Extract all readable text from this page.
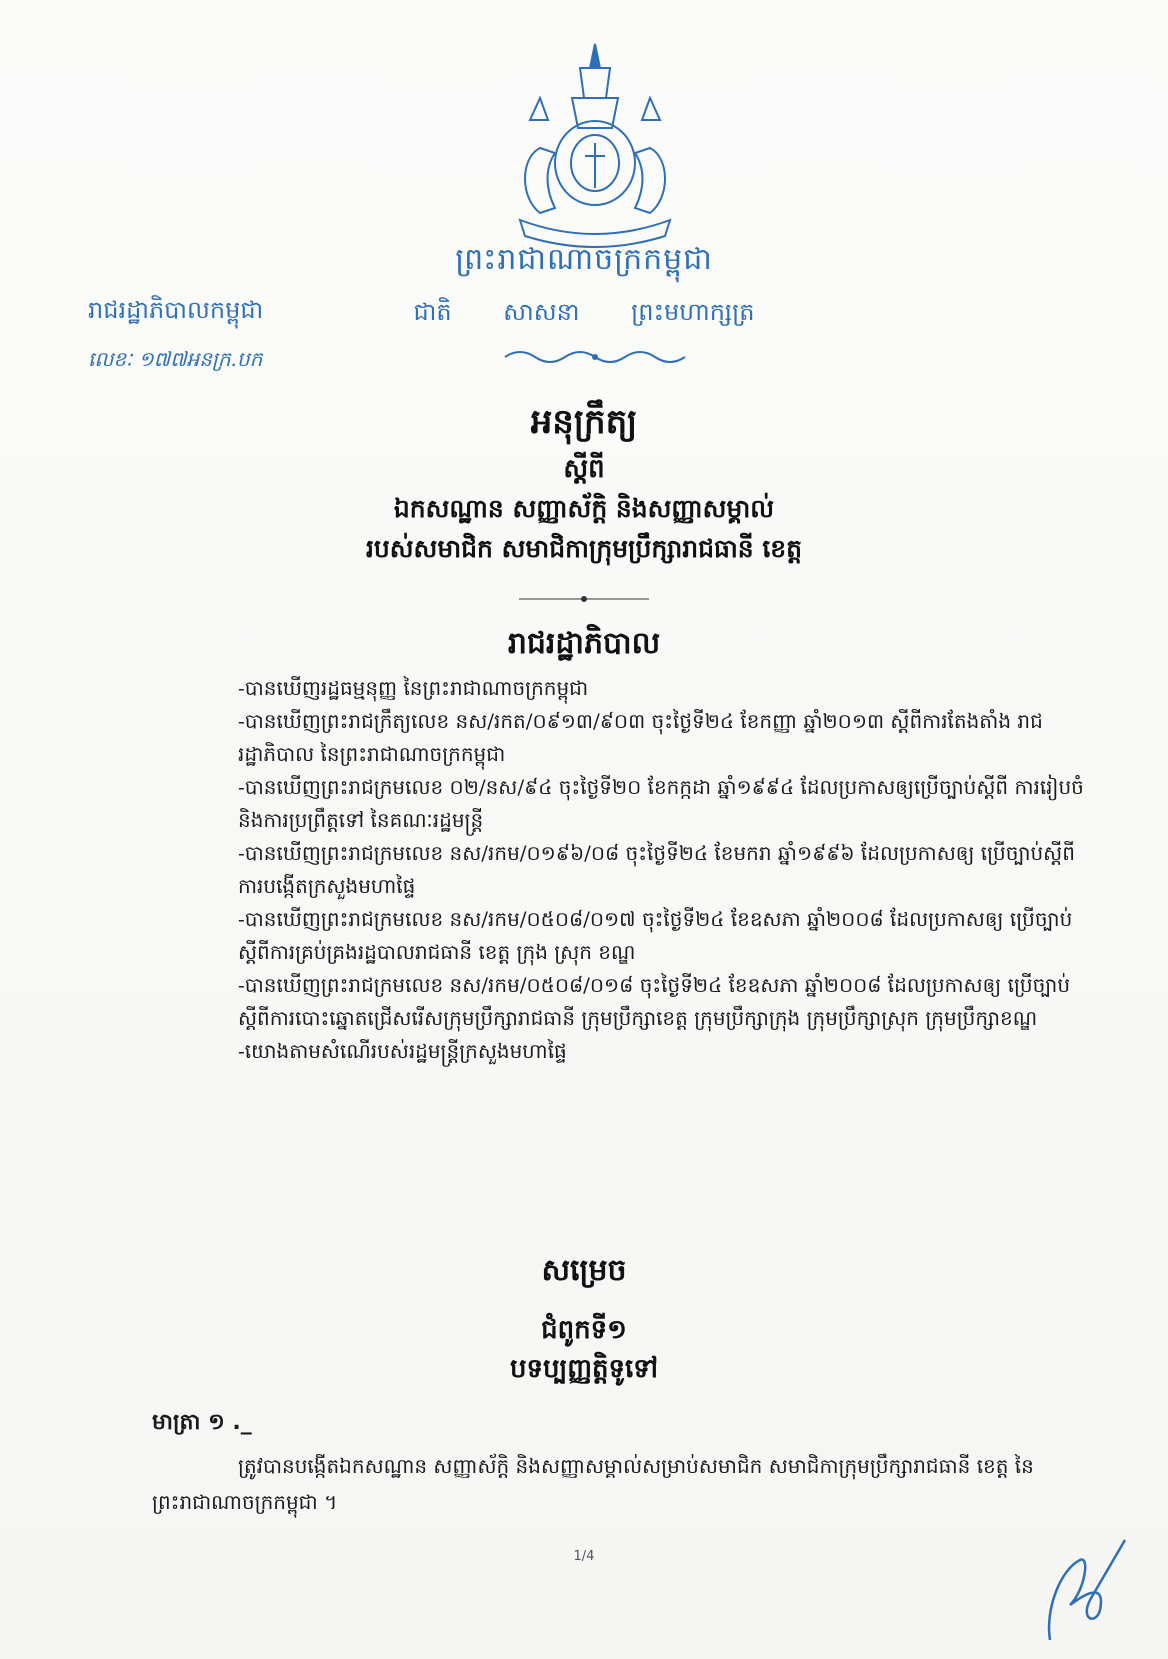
ព្រះរាជាណាចក្រកម្ពុជា
ជាតិ សាសនា ព្រះមហាក្សត្រ
រាជរដ្ឋាភិបាលកម្ពុជា
លេខៈ ១៧៧អនក្រ.បក
អនុក្រឹត្យ
ស្តីពី
ឯកសណ្ឋាន សញ្ញាស័ក្តិ និងសញ្ញាសម្គាល់
របស់សមាជិក សមាជិកាក្រុមប្រឹក្សារាជធានី ខេត្ត
រាជរដ្ឋាភិបាល
-បានឃើញរដ្ឋធម្មនុញ្ញ នៃព្រះរាជាណាចក្រកម្ពុជា
-បានឃើញព្រះរាជក្រឹត្យលេខ នស/រកត/០៩១៣/៩០៣ ចុះថ្ងៃទី២៤ ខែកញ្ញា ឆ្នាំ២០១៣ ស្តីពីការតែងតាំង រាជរដ្ឋាភិបាល នៃព្រះរាជាណាចក្រកម្ពុជា
-បានឃើញព្រះរាជក្រមលេខ ០២/នស/៩៤ ចុះថ្ងៃទី២០ ខែកក្កដា ឆ្នាំ១៩៩៤ ដែលប្រកាសឲ្យប្រើច្បាប់ស្តីពី ការរៀបចំនិងការប្រព្រឹត្តទៅ នៃគណៈរដ្ឋមន្ត្រី
-បានឃើញព្រះរាជក្រមលេខ នស/រកម/០១៩៦/០៨ ចុះថ្ងៃទី២៤ ខែមករា ឆ្នាំ១៩៩៦ ដែលប្រកាសឲ្យ ប្រើច្បាប់ស្តីពីការបង្កើតក្រសួងមហាផ្ទៃ
-បានឃើញព្រះរាជក្រមលេខ នស/រកម/០៥០៨/០១៧ ចុះថ្ងៃទី២៤ ខែឧសភា ឆ្នាំ២០០៨ ដែលប្រកាសឲ្យ ប្រើច្បាប់ស្តីពីការគ្រប់គ្រងរដ្ឋបាលរាជធានី ខេត្ត ក្រុង ស្រុក ខណ្ឌ
-បានឃើញព្រះរាជក្រមលេខ នស/រកម/០៥០៨/០១៨ ចុះថ្ងៃទី២៤ ខែឧសភា ឆ្នាំ២០០៨ ដែលប្រកាសឲ្យ ប្រើច្បាប់ស្តីពីការបោះឆ្នោតជ្រើសរើសក្រុមប្រឹក្សារាជធានី ក្រុមប្រឹក្សាខេត្ត ក្រុមប្រឹក្សាក្រុង ក្រុមប្រឹក្សាស្រុក ក្រុមប្រឹក្សាខណ្ឌ
-យោងតាមសំណើរបស់រដ្ឋមន្ត្រីក្រសួងមហាផ្ទៃ
សម្រេច
ជំពូកទី១
បទប្បញ្ញត្តិទូទៅ
មាត្រា ១ ._
ត្រូវបានបង្កើតឯកសណ្ឋាន សញ្ញាស័ក្តិ និងសញ្ញាសម្គាល់សម្រាប់សមាជិក សមាជិកាក្រុមប្រឹក្សារាជធានី ខេត្ត នៃព្រះរាជាណាចក្រកម្ពុជា ។
1/4
